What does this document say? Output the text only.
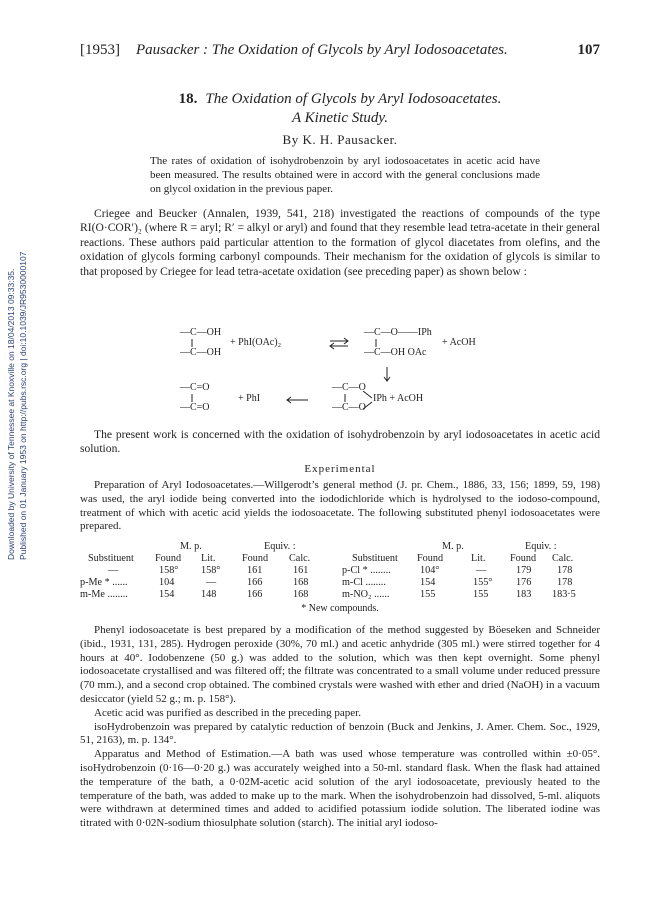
Downloaded by University of Tennessee at Knoxville on 18/04/2013 09:33:35. Published on 01 January 1953 on http://pubs.rsc.org | doi:10.1039/JR9530000107
[1953] Pausacker : The Oxidation of Glycols by Aryl Iodosoacetates.	107
18. The Oxidation of Glycols by Aryl Iodosoacetates.
A Kinetic Study.
By K. H. Pausacker.
The rates of oxidation of isohydrobenzoin by aryl iodosoacetates in acetic acid have been measured. The results obtained were in accord with the general conclusions made on glycol oxidation in the previous paper.
Criegee and Beucker (Annalen, 1939, 541, 218) investigated the reactions of compounds of the type RI(O·COR′)₂ (where R = aryl; R′ = alkyl or aryl) and found that they resemble lead tetra-acetate in their general reactions. These authors paid particular attention to the formation of glycol diacetates from olefins, and the oxidation of glycols forming carbonyl compounds. Their mechanism for the oxidation of glycols is similar to that proposed by Criegee for lead tetra-acetate oxidation (see preceding paper) as shown below :
—C—OH
—C—OH
+ PhI(OAc)₂
—C—O——IPh
—C—OH OAc
+ AcOH
—C=O
—C=O
+ PhI
—C—O
—C—O
IPh + AcOH
The present work is concerned with the oxidation of isohydrobenzoin by aryl iodosoacetates in acetic acid solution.
Experimental
Preparation of Aryl Iodosoacetates.—Willgerodt’s general method (J. pr. Chem., 1886, 33, 156; 1899, 59, 198) was used, the aryl iodide being converted into the iododichloride which is hydrolysed to the iodoso-compound, treatment of which with acetic acid yields the iodosoacetate. The following substituted phenyl iodosoacetates were prepared.
M. p.	Equiv. :	M. p.	Equiv. :
Substituent Found Lit.	Found Calc.	Substituent Found	Lit. Found Calc.
—	158° 158°	161	161
p-Me * ......	104	—	166	168
m-Me ........	154	148	166	168
p-Cl * ........	104°	—	179	178
m-Cl ........	154	155° 176	178
m-NO₂ ......	155	155	183 183·5
* New compounds.
Phenyl iodosoacetate is best prepared by a modification of the method suggested by Böeseken and Schneider (ibid., 1931, 131, 285). Hydrogen peroxide (30%, 70 ml.) and acetic anhydride (305 ml.) were stirred together for 4 hours at 40°. Iodobenzene (50 g.) was added to the solution, which was then kept overnight. Some phenyl iodosoacetate crystallised and was filtered off; the filtrate was concentrated to a small volume under reduced pressure (70 mm.), and a second crop obtained. The combined crystals were washed with ether and dried (NaOH) in a vacuum desiccator (yield 52 g.; m. p. 158°).
Acetic acid was purified as described in the preceding paper.
isoHydrobenzoin was prepared by catalytic reduction of benzoin (Buck and Jenkins, J. Amer. Chem. Soc., 1929, 51, 2163), m. p. 134°.
Apparatus and Method of Estimation.—A bath was used whose temperature was controlled within ±0·05°. isoHydrobenzoin (0·16—0·20 g.) was accurately weighed into a 50-ml. standard flask. When the flask had attained the temperature of the bath, a 0·02M-acetic acid solution of the aryl iodosoacetate, previously heated to the temperature of the bath, was added to make up to the mark. When the isohydrobenzoin had dissolved, 5-ml. aliquots were withdrawn at determined times and added to acidified potassium iodide solution. The liberated iodine was titrated with 0·02N-sodium thiosulphate solution (starch). The initial aryl iodoso-
